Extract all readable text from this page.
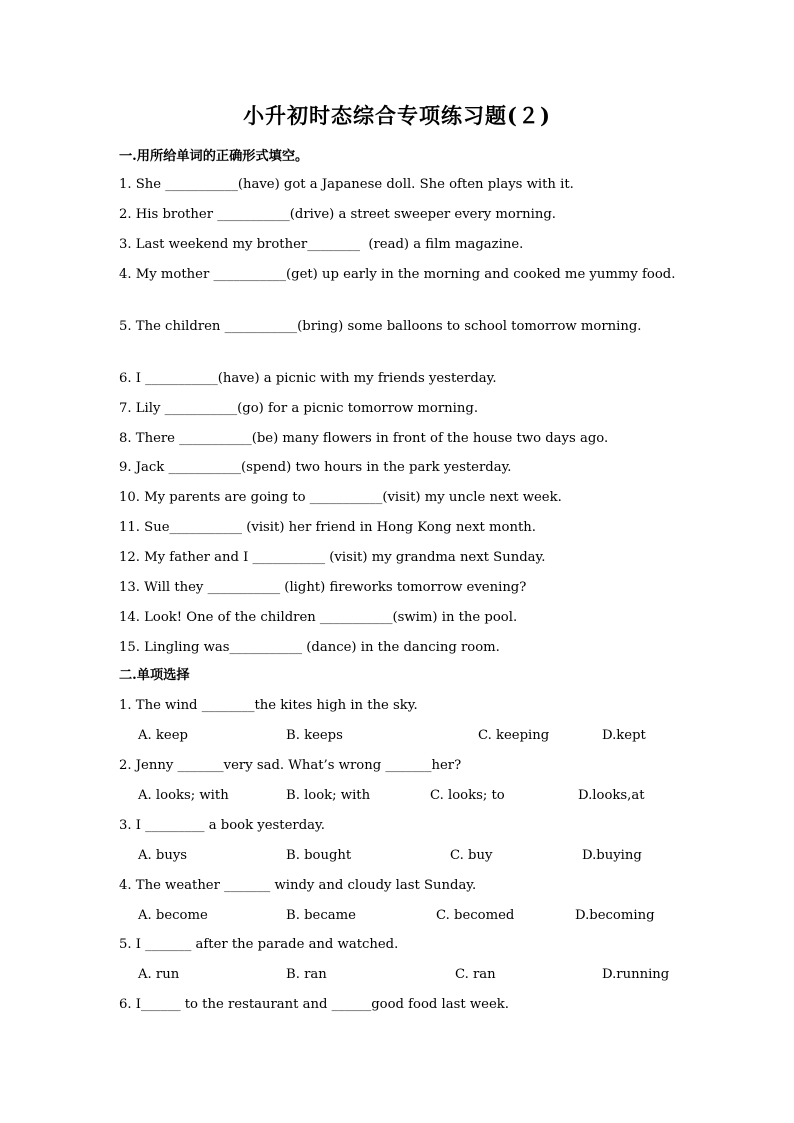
小升初时态综合专项练习题(２)
一.用所给单词的正确形式填空。
1. She ___________(have) got a Japanese doll. She often plays with it.
2. His brother ___________(drive) a street sweeper every morning.
3. Last weekend my brother________  (read) a film magazine.
4. My mother ___________(get) up early in the morning and cooked me yummy food.
5. The children ___________(bring) some balloons to school tomorrow morning.
6. I ___________(have) a picnic with my friends yesterday.
7. Lily ___________(go) for a picnic tomorrow morning.
8. There ___________(be) many flowers in front of the house two days ago.
9. Jack ___________(spend) two hours in the park yesterday.
10. My parents are going to ___________(visit) my uncle next week.
11. Sue___________ (visit) her friend in Hong Kong next month.
12. My father and I ___________ (visit) my grandma next Sunday.
13. Will they ___________ (light) fireworks tomorrow evening?
14. Look! One of the children ___________(swim) in the pool.
15. Lingling was___________ (dance) in the dancing room.
二.单项选择
1. The wind ________the kites high in the sky.
A. keep	B. keeps	C. keeping	D.kept
2. Jenny _______very sad. What’s wrong _______her?
A. looks; with	B. look; with	C. looks; to	D.looks,at
3. I _________ a book yesterday.
A. buys	B. bought	C. buy	D.buying
4. The weather _______ windy and cloudy last Sunday.
A. become	B. became	C. becomed	D.becoming
5. I _______ after the parade and watched.
A. run	B. ran	C. ran	D.running
6. I______ to the restaurant and ______good food last week.
